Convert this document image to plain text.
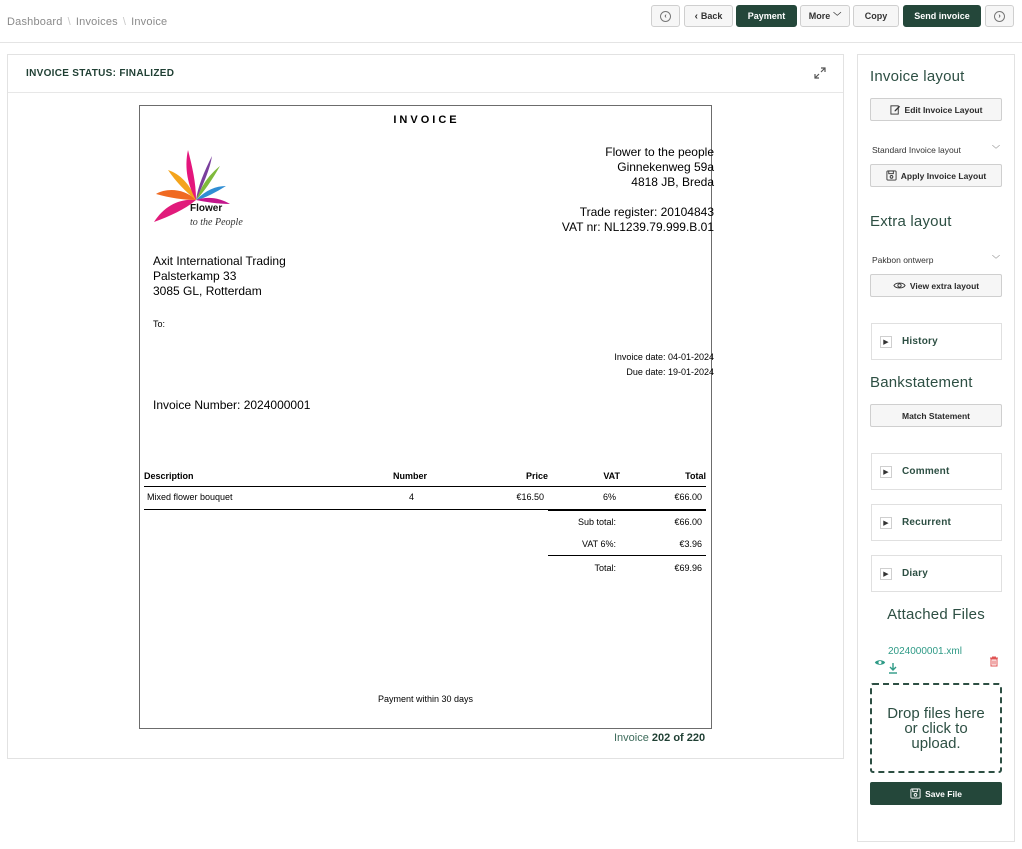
Dashboard \ Invoices \ Invoice	‹	‹ Back	Payment	More ﹀	Copy	Send invoice	›
INVOICE STATUS: FINALIZED
INVOICE
Flower
to the People
Flower to the people
Ginnekenweg 59a
4818 JB, Breda
Trade register: 20104843
VAT nr: NL1239.79.999.B.01
Axit International Trading
Palsterkamp 33
3085 GL, Rotterdam
To:
Invoice date: 04-01-2024
Due date: 19-01-2024
Invoice Number: 2024000001
Description	Number	Price	VAT	Total
Mixed flower bouquet	4	€16.50	6%	€66.00
Sub total:	€66.00
VAT 6%:	€3.96
Total:	€69.96
Payment within 30 days
Invoice 202 of 220
Invoice layout
Edit Invoice Layout
Standard Invoice layout	﹀
Apply Invoice Layout
Extra layout
Pakbon ontwerp	﹀
View extra layout
▶	History
Bankstatement
Match Statement
▶	Comment
▶	Recurrent
▶	Diary
Attached Files
2024000001.xml
Drop files here or click to upload.
Save File
